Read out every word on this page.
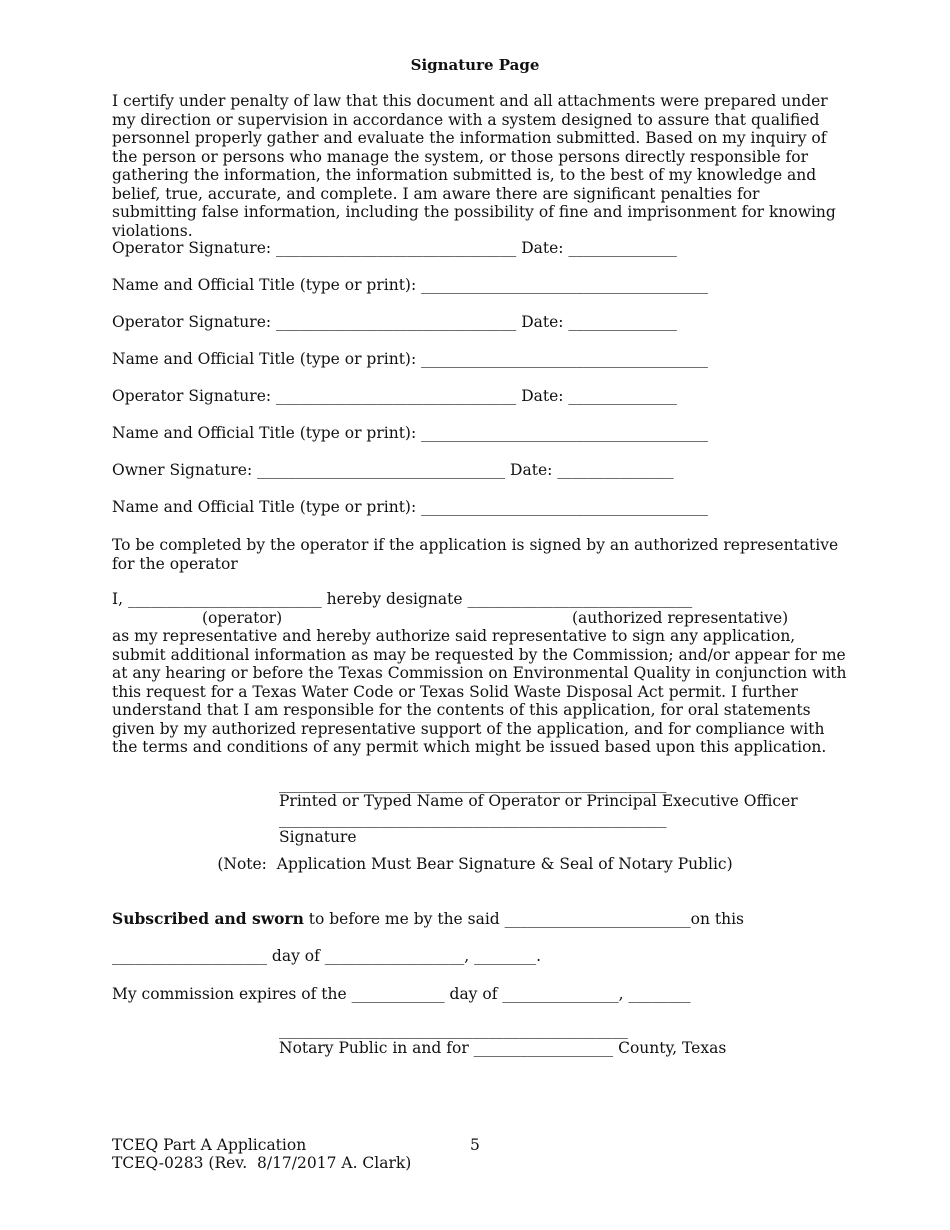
Signature Page
I certify under penalty of law that this document and all attachments were prepared under my direction or supervision in accordance with a system designed to assure that qualified personnel properly gather and evaluate the information submitted. Based on my inquiry of the person or persons who manage the system, or those persons directly responsible for gathering the information, the information submitted is, to the best of my knowledge and belief, true, accurate, and complete. I am aware there are significant penalties for submitting false information, including the possibility of fine and imprisonment for knowing violations.
Operator Signature: _______________________________ Date: ______________
Name and Official Title (type or print): _____________________________________
Operator Signature: _______________________________ Date: ______________
Name and Official Title (type or print): _____________________________________
Operator Signature: _______________________________ Date: ______________
Name and Official Title (type or print): _____________________________________
Owner Signature: ________________________________ Date: _______________
Name and Official Title (type or print): _____________________________________
To be completed by the operator if the application is signed by an authorized representative for the operator
I, _________________________ hereby designate _____________________________
(operator)	(authorized representative)
as my representative and hereby authorize said representative to sign any application, submit additional information as may be requested by the Commission; and/or appear for me at any hearing or before the Texas Commission on Environmental Quality in conjunction with this request for a Texas Water Code or Texas Solid Waste Disposal Act permit. I further understand that I am responsible for the contents of this application, for oral statements given by my authorized representative support of the application, and for compliance with the terms and conditions of any permit which might be issued based upon this application.
__________________________________________________
Printed or Typed Name of Operator or Principal Executive Officer
__________________________________________________
Signature
(Note:  Application Must Bear Signature & Seal of Notary Public)
Subscribed and sworn to before me by the said ________________________on this
____________________ day of __________________, ________.
My commission expires of the ____________ day of _______________, ________
_____________________________________________
Notary Public in and for __________________ County, Texas
TCEQ Part A Application	5
TCEQ-0283 (Rev.  8/17/2017 A. Clark)
